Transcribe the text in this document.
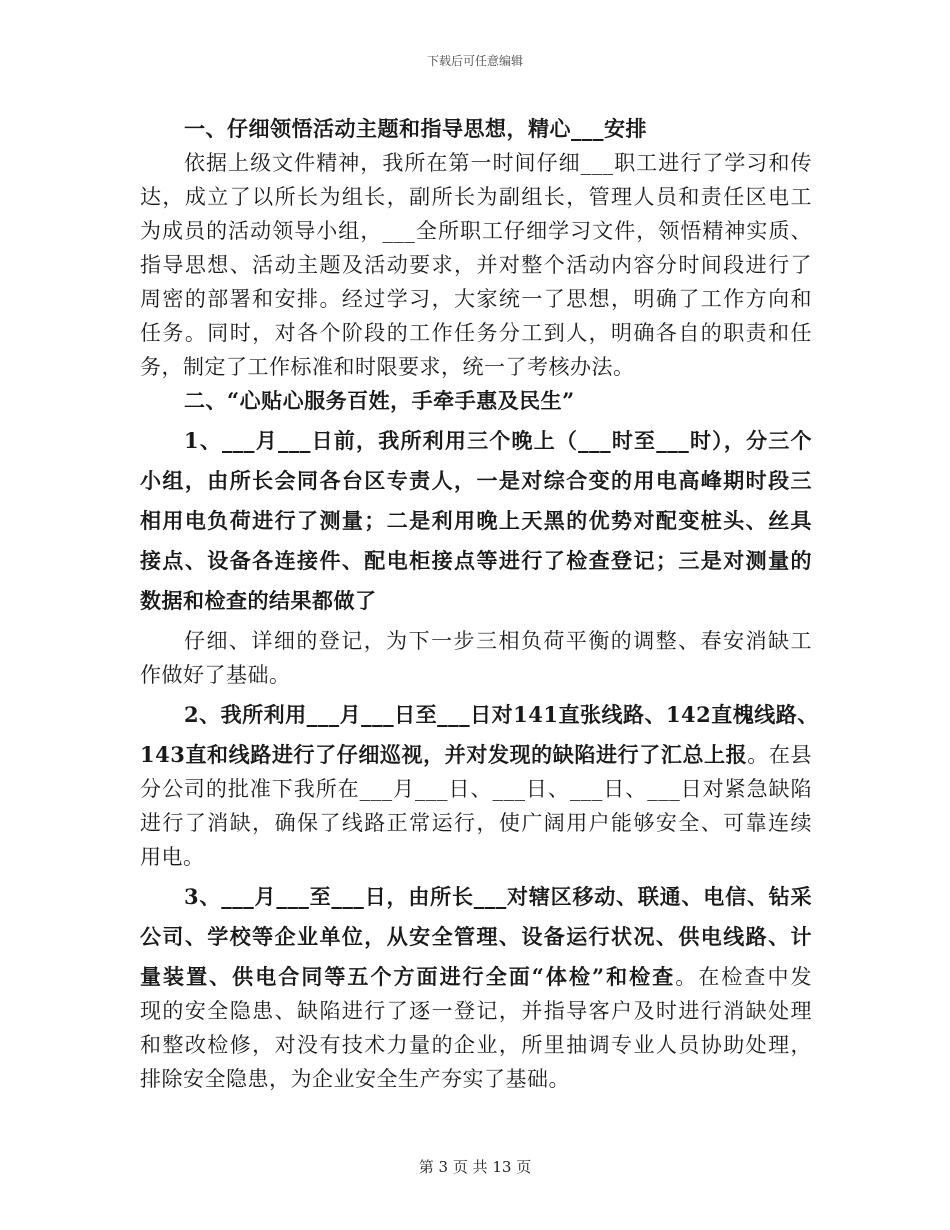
下载后可任意编辑
一、仔细领悟活动主题和指导思想，精心___安排
依据上级文件精神，我所在第一时间仔细___职工进行了学习和传
达，成立了以所长为组长，副所长为副组长，管理人员和责任区电工
为成员的活动领导小组，___全所职工仔细学习文件，领悟精神实质、
指导思想、活动主题及活动要求，并对整个活动内容分时间段进行了
周密的部署和安排。经过学习，大家统一了思想，明确了工作方向和
任务。同时，对各个阶段的工作任务分工到人，明确各自的职责和任
务，制定了工作标准和时限要求，统一了考核办法。
二、“心贴心服务百姓，手牵手惠及民生”
1、___月___日前，我所利用三个晚上（___时至___时），分三个
小组，由所长会同各台区专责人，一是对综合变的用电高峰期时段三
相用电负荷进行了测量；二是利用晚上天黑的优势对配变桩头、丝具
接点、设备各连接件、配电柜接点等进行了检查登记；三是对测量的
数据和检查的结果都做了
仔细、详细的登记，为下一步三相负荷平衡的调整、春安消缺工
作做好了基础。
2、我所利用___月___日至___日对141直张线路、142直槐线路、
143直和线路进行了仔细巡视，并对发现的缺陷进行了汇总上报。在县
分公司的批准下我所在___月___日、___日、___日、___日对紧急缺陷
进行了消缺，确保了线路正常运行，使广阔用户能够安全、可靠连续
用电。
3、___月___至___日，由所长___对辖区移动、联通、电信、钻采
公司、学校等企业单位，从安全管理、设备运行状况、供电线路、计
量装置、供电合同等五个方面进行全面“体检”和检查。在检查中发
现的安全隐患、缺陷进行了逐一登记，并指导客户及时进行消缺处理
和整改检修，对没有技术力量的企业，所里抽调专业人员协助处理，
排除安全隐患，为企业安全生产夯实了基础。
第 3 页 共 13 页
